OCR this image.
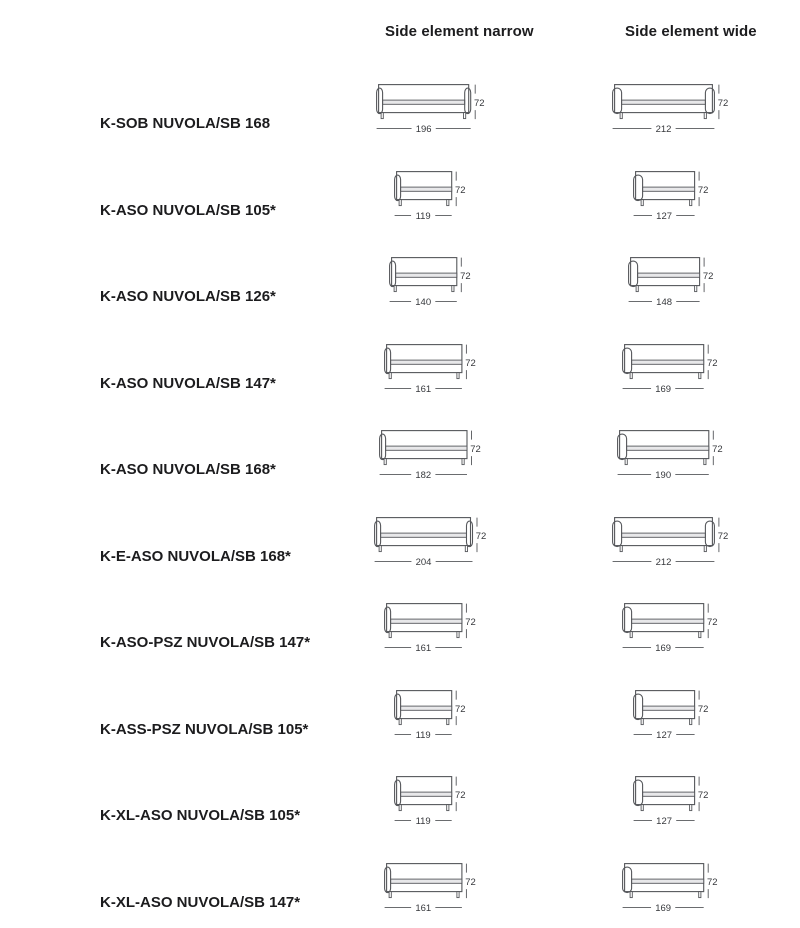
Side element narrow	Side element wide
K-SOB NUVOLA/SB 168
72
196
72
212
K-ASO NUVOLA/SB 105*
72
119
72
127
K-ASO NUVOLA/SB 126*
72
140
72
148
K-ASO NUVOLA/SB 147*
72
161
72
169
K-ASO NUVOLA/SB 168*
72
182
72
190
K-E-ASO NUVOLA/SB 168*
72
204
72
212
K-ASO-PSZ NUVOLA/SB 147*
72
161
72
169
K-ASS-PSZ NUVOLA/SB 105*
72
119
72
127
K-XL-ASO NUVOLA/SB 105*
72
119
72
127
K-XL-ASO NUVOLA/SB 147*
72
161
72
169
